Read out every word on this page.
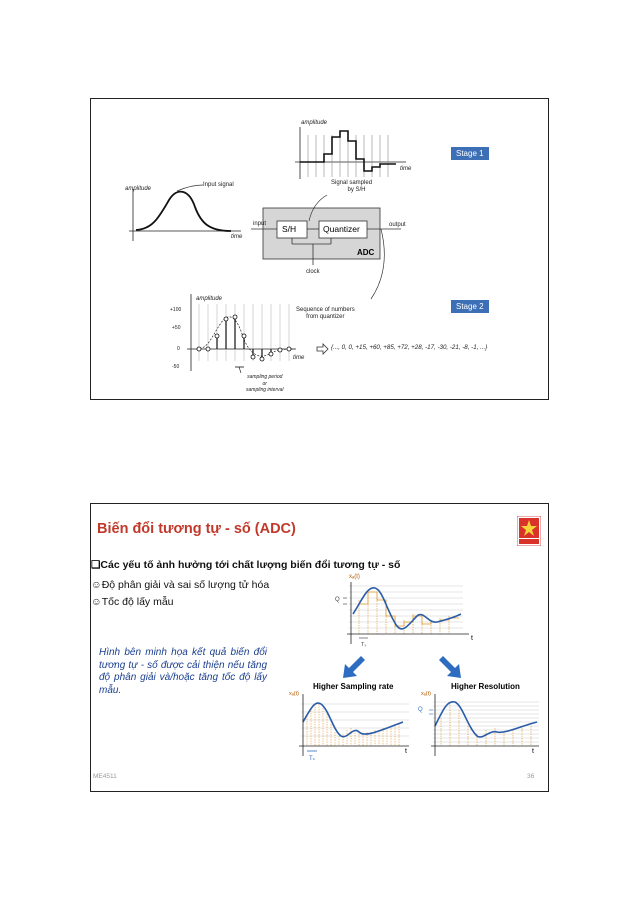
amplitude
time
Stage 1
Signal sampled
by S/H
amplitude
Input signal
time
input S/H	Quantizer	output
ADC
clock
amplitude
+100
+50
0
-50
time
Sequence of numbers
from quantizer
Stage 2
{..., 0, 0, +15, +60, +85, +72, +28, -17, -30, -21, -8, -1, ...}
sampling period
or
sampling interval
Biến đổi tương tự - số (ADC)
❑Các yếu tố ảnh hưởng tới chất lượng biến đổi tương tự - số
☺Độ phân giải và sai số lượng tử hóa
☺Tốc độ lấy mẫu
Hình bên minh họa kết quả biến đổi tương tự - số được cải thiện nếu tăng độ phân giải và/hoặc tăng tốc độ lấy mẫu.
xₐ(t)
Q
t
Tₛ
Higher Sampling rate	Higher Resolution
xₐ(t)	xₐ(t)
Tₛ
Q
t	t
ME4511	36
